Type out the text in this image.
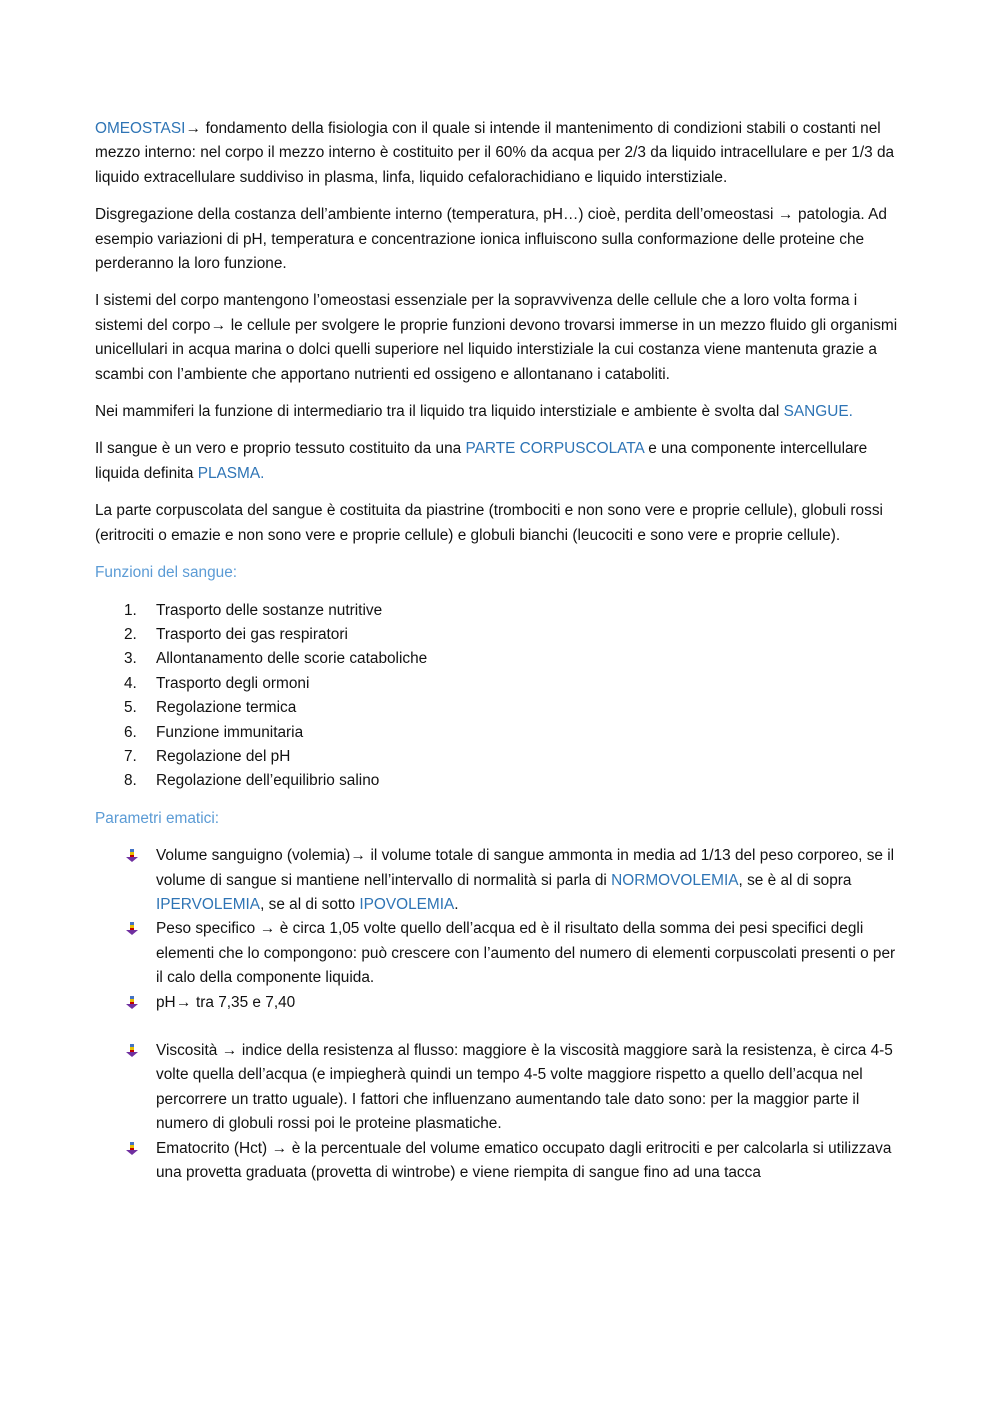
OMEOSTASI→ fondamento della fisiologia con il quale si intende il mantenimento di condizioni stabili o costanti nel mezzo interno: nel corpo il mezzo interno è costituito per il 60% da acqua per 2/3 da liquido intracellulare e per 1/3 da liquido extracellulare suddiviso in plasma, linfa, liquido cefalorachidiano e liquido interstiziale.

Disgregazione della costanza dell’ambiente interno (temperatura, pH…) cioè, perdita dell’omeostasi → patologia. Ad esempio variazioni di pH, temperatura e concentrazione ionica influiscono sulla conformazione delle proteine che perderanno la loro funzione.

I sistemi del corpo mantengono l’omeostasi essenziale per la sopravvivenza delle cellule che a loro volta forma i sistemi del corpo→ le cellule per svolgere le proprie funzioni devono trovarsi immerse in un mezzo fluido gli organismi unicellulari in acqua marina o dolci quelli superiore nel liquido interstiziale la cui costanza viene mantenuta grazie a scambi con l’ambiente che apportano nutrienti ed ossigeno e allontanano i cataboliti.

Nei mammiferi la funzione di intermediario tra il liquido tra liquido interstiziale e ambiente è svolta dal SANGUE.

Il sangue è un vero e proprio tessuto costituito da una PARTE CORPUSCOLATA e una componente intercellulare liquida definita PLASMA.

La parte corpuscolata del sangue è costituita da piastrine (trombociti e non sono vere e proprie cellule), globuli rossi (eritrociti o emazie e non sono vere e proprie cellule) e globuli bianchi (leucociti e sono vere e proprie cellule).

Funzioni del sangue:
1. Trasporto delle sostanze nutritive
2. Trasporto dei gas respiratori
3. Allontanamento delle scorie cataboliche
4. Trasporto degli ormoni
5. Regolazione termica
6. Funzione immunitaria
7. Regolazione del pH
8. Regolazione dell’equilibrio salino
Parametri ematici:
Volume sanguigno (volemia)→ il volume totale di sangue ammonta in media ad 1/13 del peso corporeo, se il volume di sangue si mantiene nell’intervallo di normalità si parla di NORMOVOLEMIA, se è al di sopra IPERVOLEMIA, se al di sotto IPOVOLEMIA.
Peso specifico → è circa 1,05 volte quello dell’acqua ed è il risultato della somma dei pesi specifici degli elementi che lo compongono: può crescere con l’aumento del numero di elementi corpuscolati presenti o per il calo della componente liquida.
pH→ tra 7,35 e 7,40
Viscosità → indice della resistenza al flusso: maggiore è la viscosità maggiore sarà la resistenza, è circa 4-5 volte quella dell’acqua (e impiegherà quindi un tempo 4-5 volte maggiore rispetto a quello dell’acqua nel percorrere un tratto uguale). I fattori che influenzano aumentando tale dato sono: per la maggior parte il numero di globuli rossi poi le proteine plasmatiche.
Ematocrito (Hct) → è la percentuale del volume ematico occupato dagli eritrociti e per calcolarla si utilizzava una provetta graduata (provetta di wintrobe) e viene riempita di sangue fino ad una tacca
